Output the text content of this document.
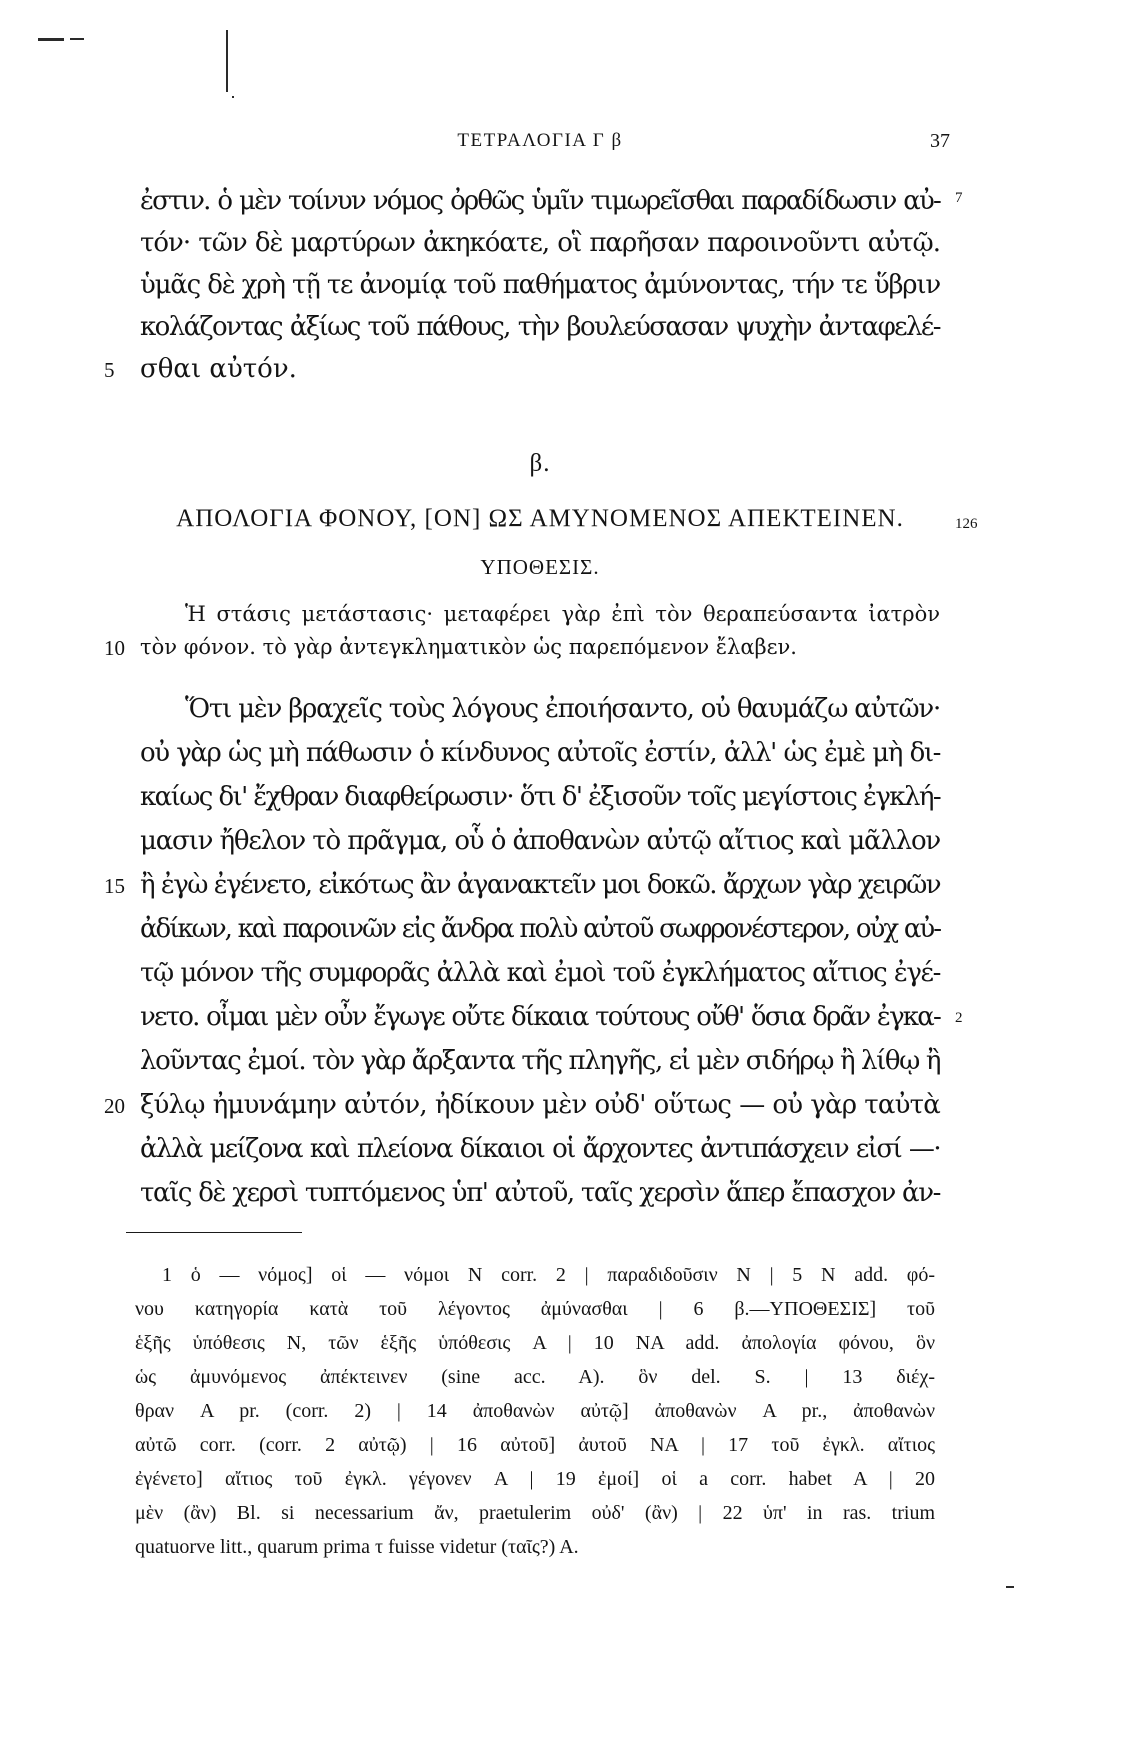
ΤΕΤΡΑΛΟΓΙΑ Γ β	37
ἐστιν. ὁ μὲν τοίνυν νόμος ὀρθῶς ὑμῖν τιμωρεῖσθαι παραδίδωσιν αὐ-
τόν· τῶν δὲ μαρτύρων ἀκηκόατε, οἳ παρῆσαν παροινοῦντι αὐτῷ.
ὑμᾶς δὲ χρὴ τῇ τε ἀνομίᾳ τοῦ παθήματος ἀμύνοντας, τήν τε ὕβριν
κολάζοντας ἀξίως τοῦ πάθους, τὴν βουλεύσασαν ψυχὴν ἀνταφελέ-
σθαι αὐτόν.
7
5
β.
ΑΠΟΛΟΓΙΑ ΦΟΝΟΥ, [ΟΝ] ΩΣ ΑΜΥΝΟΜΕΝΟΣ ΑΠΕΚΤΕΙΝΕΝ.	126
ΥΠΟΘΕΣΙΣ.
Ἡ στάσις μετάστασις· μεταφέρει γὰρ ἐπὶ τὸν θεραπεύσαντα ἰατρὸν
τὸν φόνον. τὸ γὰρ ἀντεγκληματικὸν ὡς παρεπόμενον ἔλαβεν.
10
Ὅτι μὲν βραχεῖς τοὺς λόγους ἐποιήσαντο, οὐ θαυμάζω αὐτῶν·
οὐ γὰρ ὡς μὴ πάθωσιν ὁ κίνδυνος αὐτοῖς ἐστίν, ἀλλ' ὡς ἐμὲ μὴ δι-
καίως δι' ἔχθραν διαφθείρωσιν· ὅτι δ' ἐξισοῦν τοῖς μεγίστοις ἐγκλή-
μασιν ἤθελον τὸ πρᾶγμα, οὗ ὁ ἀποθανὼν αὐτῷ αἴτιος καὶ μᾶλλον
ἢ ἐγὼ ἐγένετο, εἰκότως ἂν ἀγανακτεῖν μοι δοκῶ. ἄρχων γὰρ χειρῶν
ἀδίκων, καὶ παροινῶν εἰς ἄνδρα πολὺ αὐτοῦ σωφρονέστερον, οὐχ αὐ-
τῷ μόνον τῆς συμφορᾶς ἀλλὰ καὶ ἐμοὶ τοῦ ἐγκλήματος αἴτιος ἐγέ-
νετο. οἶμαι μὲν οὖν ἔγωγε οὔτε δίκαια τούτους οὔθ' ὅσια δρᾶν ἐγκα-
λοῦντας ἐμοί. τὸν γὰρ ἄρξαντα τῆς πληγῆς, εἰ μὲν σιδήρῳ ἢ λίθῳ ἢ
ξύλῳ ἠμυνάμην αὐτόν, ἠδίκουν μὲν οὐδ' οὕτως — οὐ γὰρ ταὐτὰ
ἀλλὰ μείζονα καὶ πλείονα δίκαιοι οἱ ἄρχοντες ἀντιπάσχειν εἰσί —·
ταῖς δὲ χερσὶ τυπτόμενος ὑπ' αὐτοῦ, ταῖς χερσὶν ἅπερ ἔπασχον ἀν-
15
2
20
1 ὁ — νόμος] οἱ — νόμοι N corr. 2 | παραδιδοῦσιν N | 5 N add. φό-
νου κατηγορία κατὰ τοῦ λέγοντος ἀμύνασθαι | 6 β.—ΥΠΟΘΕΣΙΣ] τοῦ
ἑξῆς ὑπόθεσις N, τῶν ἑξῆς ὑπόθεσις A | 10 NA add. ἀπολογία φόνου, ὃν
ὡς ἀμυνόμενος ἀπέκτεινεν (sine acc. A). ὃν del. S. | 13 διέχ-
θραν A pr. (corr. 2) | 14 ἀποθανὼν αὐτῷ] ἀποθανὼν A pr., ἀποθανὼν
αὐτῶ corr. (corr. 2 αὐτῷ) | 16 αὐτοῦ] ἀυτοῦ NA | 17 τοῦ ἐγκλ. αἴτιος
ἐγένετο] αἴτιος τοῦ ἐγκλ. γέγονεν A | 19 ἐμοί] οἱ a corr. habet A | 20
μὲν (ἂν) Bl. si necessarium ἄν, praetulerim οὐδ' (ἂν) | 22 ὑπ' in ras. trium
quatuorve litt., quarum prima τ fuisse videtur (ταῖς?) A.
